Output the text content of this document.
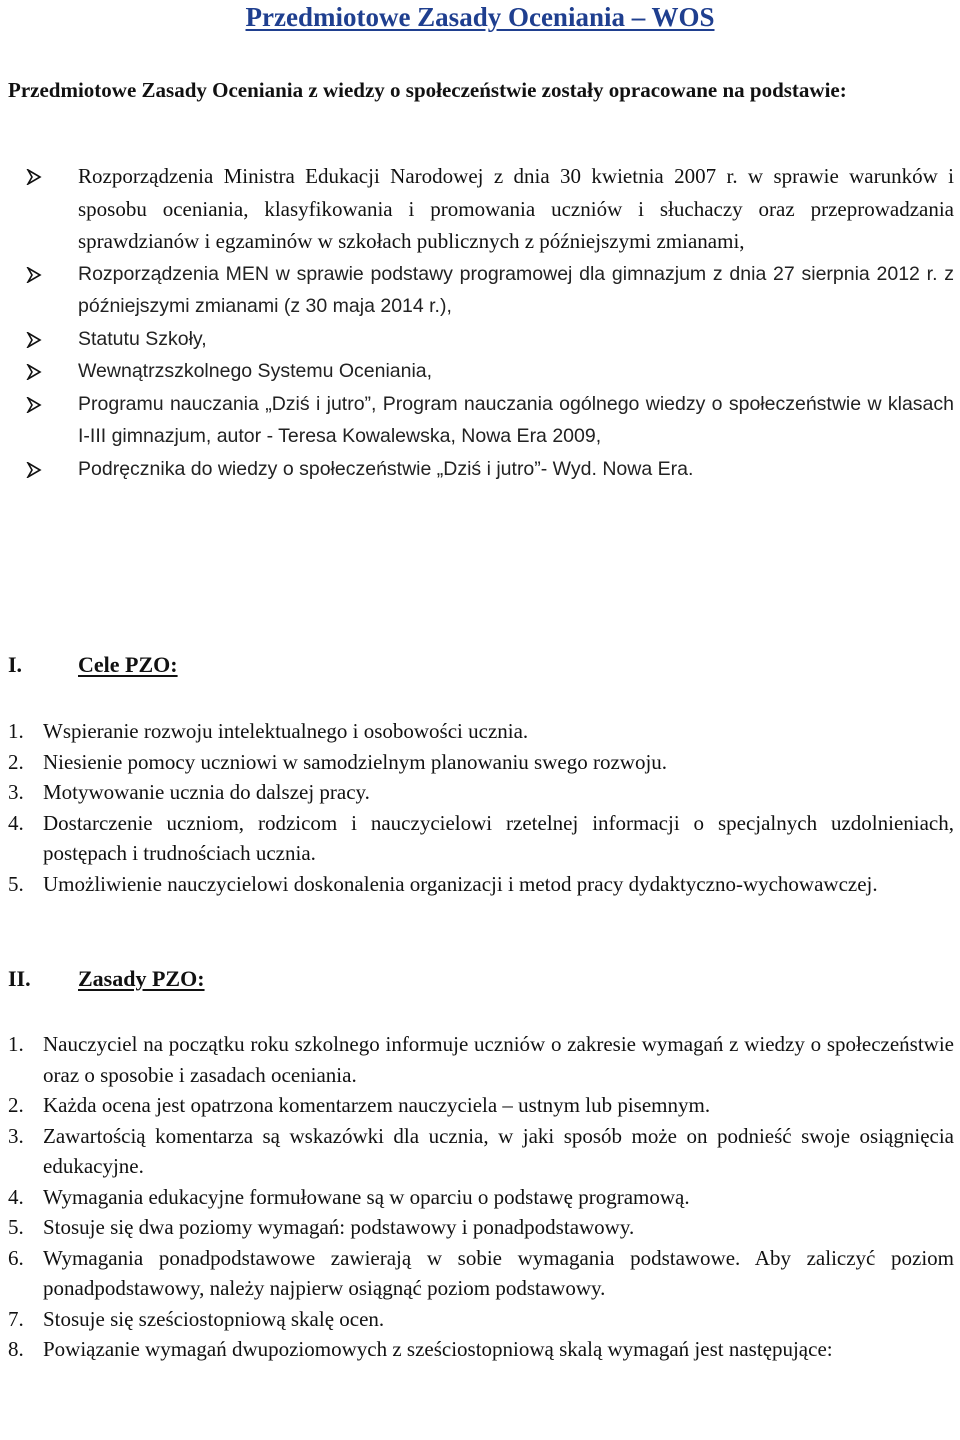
Przedmiotowe Zasady Oceniania – WOS

Przedmiotowe Zasady Oceniania z wiedzy o społeczeństwie zostały opracowane na podstawie:

Rozporządzenia Ministra Edukacji Narodowej z dnia 30 kwietnia 2007 r. w sprawie warunków i sposobu oceniania, klasyfikowania i promowania uczniów i słuchaczy oraz przeprowadzania sprawdzianów i egzaminów w szkołach publicznych z późniejszymi zmianami,
Rozporządzenia MEN w sprawie podstawy programowej dla gimnazjum z dnia 27 sierpnia 2012 r. z późniejszymi zmianami (z 30 maja 2014 r.),
Statutu Szkoły,
Wewnątrzszkolnego Systemu Oceniania,
Programu nauczania „Dziś i jutro”, Program nauczania ogólnego wiedzy o społeczeństwie w klasach I-III gimnazjum, autor - Teresa Kowalewska, Nowa Era 2009,
Podręcznika do wiedzy o społeczeństwie „Dziś i jutro”- Wyd. Nowa Era.
I.	Cele PZO:
1. Wspieranie rozwoju intelektualnego i osobowości ucznia.
2. Niesienie pomocy uczniowi w samodzielnym planowaniu swego rozwoju.
3. Motywowanie ucznia do dalszej pracy.
4. Dostarczenie uczniom, rodzicom i nauczycielowi rzetelnej informacji o specjalnych uzdolnieniach, postępach i trudnościach ucznia.
5. Umożliwienie nauczycielowi doskonalenia organizacji i metod pracy dydaktyczno-wychowawczej.
II. Zasady PZO:
1. Nauczyciel na początku roku szkolnego informuje uczniów o zakresie wymagań z wiedzy o społeczeństwie oraz o sposobie i zasadach oceniania.
2. Każda ocena jest opatrzona komentarzem nauczyciela – ustnym lub pisemnym.
3. Zawartością komentarza są wskazówki dla ucznia, w jaki sposób może on podnieść swoje osiągnięcia edukacyjne.
4. Wymagania edukacyjne formułowane są w oparciu o podstawę programową.
5. Stosuje się dwa poziomy wymagań: podstawowy i ponadpodstawowy.
6. Wymagania ponadpodstawowe zawierają w sobie wymagania podstawowe. Aby zaliczyć poziom ponadpodstawowy, należy najpierw osiągnąć poziom podstawowy.
7. Stosuje się sześciostopniową skalę ocen.
8. Powiązanie wymagań dwupoziomowych z sześciostopniową skalą wymagań jest następujące:
